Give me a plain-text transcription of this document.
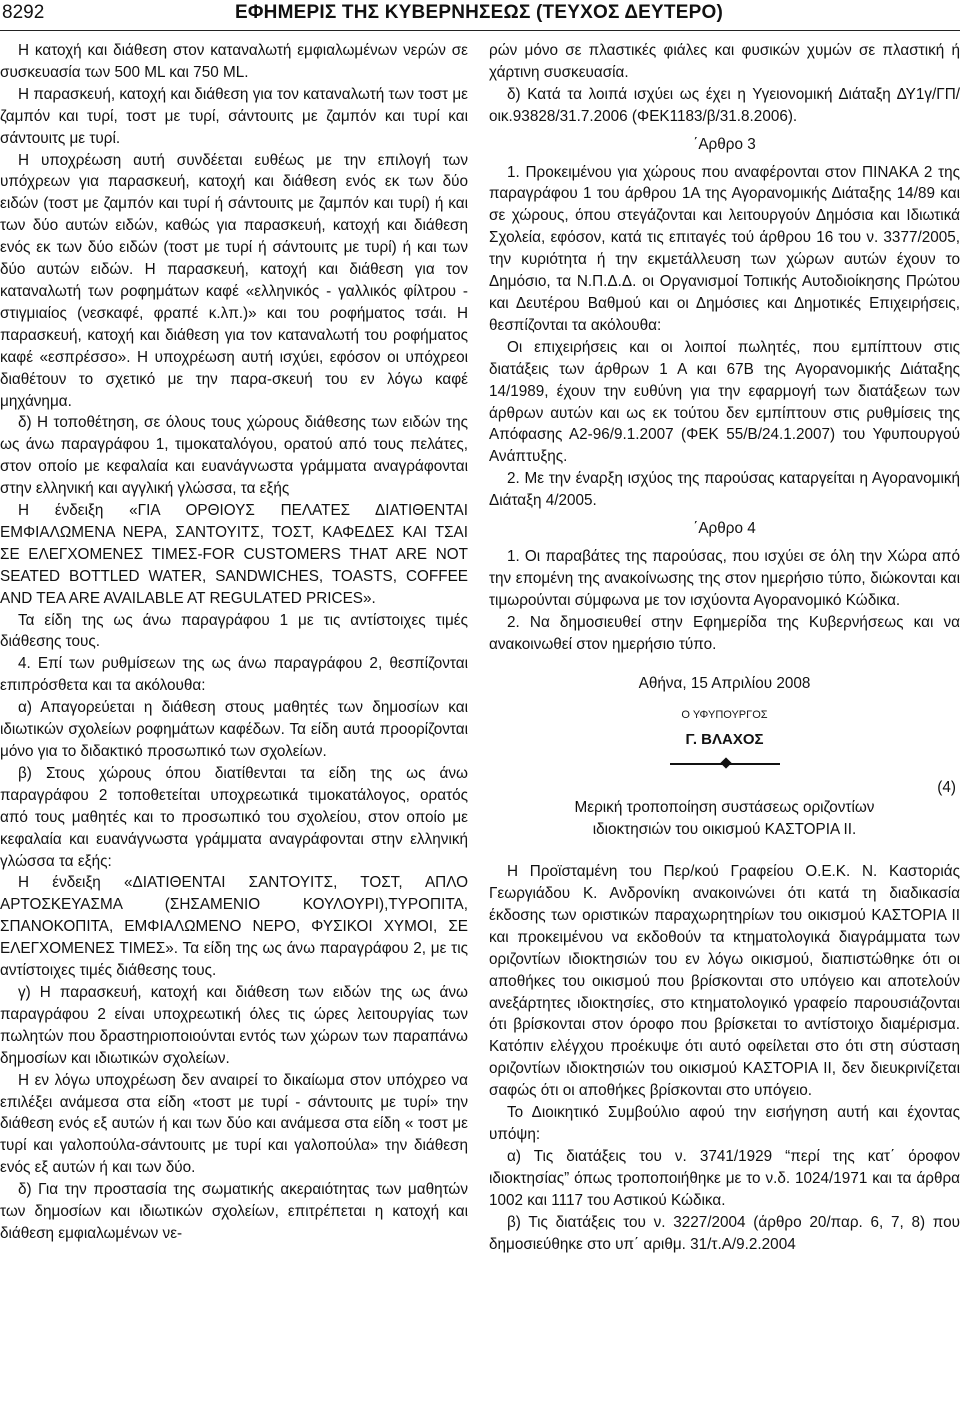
8292	ΕΦΗΜΕΡΙΣ ΤΗΣ ΚΥΒΕΡΝΗΣΕΩΣ (ΤΕΥΧΟΣ ΔΕΥΤΕΡΟ)

Η κατοχή και διάθεση στον καταναλωτή εμφιαλωμένων νερών σε συσκευασία των 500 ML και 750 ML.

Η παρασκευή, κατοχή και διάθεση για τον καταναλωτή των τοστ με ζαμπόν και τυρί, τοστ με τυρί, σάντουιτς με ζαμπόν και τυρί και σάντουιτς με τυρί.

Η υποχρέωση αυτή συνδέεται ευθέως με την επιλογή των υπόχρεων για παρασκευή, κατοχή και διάθεση ενός εκ των δύο ειδών (τοστ με ζαμπόν και τυρί ή σάντουιτς με ζαμπόν και τυρί) ή και των δύο αυτών ειδών, καθώς για παρασκευή, κατοχή και διάθεση ενός εκ των δύο ειδών (τοστ με τυρί ή σάντουιτς με τυρί) ή και των δύο αυτών ειδών. Η παρασκευή, κατοχή και διάθεση για τον καταναλωτή των ροφημάτων καφέ «ελληνικός - γαλλικός φίλτρου - στιγμιαίος (νεσκαφέ, φραπέ κ.λπ.)» και του ροφήματος τσάι. Η παρασκευή, κατοχή και διάθεση για τον καταναλωτή του ροφήματος καφέ «εσπρέσσο». Η υποχρέωση αυτή ισχύει, εφόσον οι υπόχρεοι διαθέτουν το σχετικό με την παρα-σκευή του εν λόγω καφέ μηχάνημα.

δ) Η τοποθέτηση, σε όλους τους χώρους διάθεσης των ειδών της ως άνω παραγράφου 1, τιμοκαταλόγου, ορατού από τους πελάτες, στον οποίο με κεφαλαία και ευανάγνωστα γράμματα αναγράφονται στην ελληνική και αγγλική γλώσσα, τα εξής

Η ένδειξη «ΓΙΑ ΟΡΘΙΟΥΣ ΠΕΛΑΤΕΣ ΔΙΑΤΙΘΕΝΤΑΙ ΕΜΦΙΑΛΩΜΕΝΑ ΝΕΡΑ, ΣΑΝΤΟΥΙΤΣ, ΤΟΣΤ, ΚΑΦΕΔΕΣ ΚΑΙ ΤΣΑΙ ΣΕ ΕΛΕΓΧΟΜΕΝΕΣ ΤΙΜΕΣ-FOR CUSTOMERS THAT ARE NOT SEATED BOTTLED WATER, SANDWICHES, TOASTS, COFFEE AND TEA ARE AVAILABLE AT REGULATED PRICES».

Τα είδη της ως άνω παραγράφου 1 με τις αντίστοιχες τιμές διάθεσης τους.

4. Επί των ρυθμίσεων της ως άνω παραγράφου 2, θεσπίζονται επιπρόσθετα και τα ακόλουθα:

α) Απαγορεύεται η διάθεση στους μαθητές των δημοσίων και ιδιωτικών σχολείων ροφημάτων καφέδων. Τα είδη αυτά προορίζονται μόνο για το διδακτικό προσωπικό των σχολείων.

β) Στους χώρους όπου διατίθενται τα είδη της ως άνω παραγράφου 2 τοποθετείται υποχρεωτικά τιμοκατάλογος, ορατός από τους μαθητές και το προσωπικό του σχολείου, στον οποίο με κεφαλαία και ευανάγνωστα γράμματα αναγράφονται στην ελληνική γλώσσα τα εξής:

Η ένδειξη «ΔΙΑΤΙΘΕΝΤΑΙ ΣΑΝΤΟΥΙΤΣ, ΤΟΣΤ, ΑΠΛΟ ΑΡΤΟΣΚΕΥΑΣΜΑ (ΣΗΣΑΜΕΝΙΟ ΚΟΥΛΟΥΡΙ),ΤΥΡΟΠΙΤΑ, ΣΠΑΝΟΚΟΠΙΤΑ, ΕΜΦΙΑΛΩΜΕΝΟ ΝΕΡΟ, ΦΥΣΙΚΟΙ ΧΥΜΟΙ, ΣΕ ΕΛΕΓΧΟΜΕΝΕΣ ΤΙΜΕΣ». Τα είδη της ως άνω παραγράφου 2, με τις αντίστοιχες τιμές διάθεσης τους.

γ) Η παρασκευή, κατοχή και διάθεση των ειδών της ως άνω παραγράφου 2 είναι υποχρεωτική όλες τις ώρες λειτουργίας των πωλητών που δραστηριοποιούνται εντός των χώρων των παραπάνω δημοσίων και ιδιωτικών σχολείων.

Η εν λόγω υποχρέωση δεν αναιρεί το δικαίωμα στον υπόχρεο να επιλέξει ανάμεσα στα είδη «τοστ με τυρί - σάντουιτς με τυρί» την διάθεση ενός εξ αυτών ή και των δύο και ανάμεσα στα είδη « τοστ με τυρί και γαλοπούλα-σάντουιτς με τυρί και γαλοπούλα» την διάθεση ενός εξ αυτών ή και των δύο.

δ) Για την προστασία της σωματικής ακεραιότητας των μαθητών των δημοσίων και ιδιωτικών σχολείων, επιτρέπεται η κατοχή και διάθεση εμφιαλωμένων νε-

ρών μόνο σε πλαστικές φιάλες και φυσικών χυμών σε πλαστική ή χάρτινη συσκευασία.

δ) Κατά τα λοιπά ισχύει ως έχει η Υγειονομική Διάταξη ΔΥ1γ/ΓΠ/οικ.93828/31.7.2006 (ΦΕΚ1183/β/31.8.2006).

΄Αρθρο 3

1. Προκειμένου για χώρους που αναφέρονται στον ΠΙΝΑΚΑ 2 της παραγράφου 1 του άρθρου 1Α της Αγορανομικής Διάταξης 14/89 και σε χώρους, όπου στεγάζονται και λειτουργούν Δημόσια και Ιδιωτικά Σχολεία, εφόσον, κατά τις επιταγές τού άρθρου 16 του ν. 3377/2005, την κυριότητα ή την εκμετάλλευση των χώρων αυτών έχουν το Δημόσιο, τα Ν.Π.Δ.Δ. οι Οργανισμοί Τοπικής Αυτοδιοίκησης Πρώτου και Δευτέρου Βαθμού και οι Δημόσιες και Δημοτικές Επιχειρήσεις, θεσπίζονται τα ακόλουθα:

Οι επιχειρήσεις και οι λοιποί πωλητές, που εμπίπτουν στις διατάξεις των άρθρων 1 Α και 67Β της Αγορανομικής Διάταξης 14/1989, έχουν την ευθύνη για την εφαρμογή των διατάξεων των άρθρων αυτών και ως εκ τούτου δεν εμπίπτουν στις ρυθμίσεις της Απόφασης Α2-96/9.1.2007 (ΦΕΚ 55/Β/24.1.2007) του Υφυπουργού Ανάπτυξης.

2. Με την έναρξη ισχύος της παρούσας καταργείται η Αγορανομική Διάταξη 4/2005.

΄Αρθρο 4

1. Οι παραβάτες της παρούσας, που ισχύει σε όλη την Χώρα από την επομένη της ανακοίνωσης της στον ημερήσιο τύπο, διώκονται και τιμωρούνται σύμφωνα με τον ισχύοντα Αγορανομικό Κώδικα.

2. Να δημοσιευθεί στην Εφημερίδα της Κυβερνήσεως και να ανακοινωθεί στον ημερήσιο τύπο.

Αθήνα, 15 Απριλίου 2008

Ο ΥΦΥΠΟΥΡΓΟΣ

Γ. ΒΛΑΧΟΣ

(4)

Μερική τροποποίηση συστάσεως οριζοντίων

ιδιοκτησιών του οικισμού ΚΑΣΤΟΡΙΑ ΙΙ.

Η Προϊσταμένη του Περ/κού Γραφείου Ο.Ε.Κ. Ν. Καστοριάς Γεωργιάδου Κ. Ανδρονίκη ανακοινώνει ότι κατά τη διαδικασία έκδοσης των οριστικών παραχωρητηρίων του οικισμού ΚΑΣΤΟΡΙΑ ΙΙ και προκειμένου να εκδοθούν τα κτηματολογικά διαγράμματα των οριζοντίων ιδιοκτησιών του εν λόγω οικισμού, διαπιστώθηκε ότι οι αποθήκες του οικισμού που βρίσκονται στο υπόγειο και αποτελούν ανεξάρτητες ιδιοκτησίες, στο κτηματολογικό γραφείο παρουσιάζονται ότι βρίσκονται στον όροφο που βρίσκεται το αντίστοιχο διαμέρισμα. Κατόπιν ελέγχου προέκυψε ότι αυτό οφείλεται στο ότι στη σύσταση οριζοντίων ιδιοκτησιών του οικισμού ΚΑΣΤΟΡΙΑ ΙΙ, δεν διευκρινίζεται σαφώς ότι οι αποθήκες βρίσκονται στο υπόγειο.

Το Διοικητικό Συμβούλιο αφού την εισήγηση αυτή και έχοντας υπόψη:

α) Τις διατάξεις του ν. 3741/1929 “περί της κατ΄ όροφον ιδιοκτησίας” όπως τροποποιήθηκε με το ν.δ. 1024/1971 και τα άρθρα 1002 και 1117 του Αστικού Κώδικα.

β) Τις διατάξεις του ν. 3227/2004 (άρθρο 20/παρ. 6, 7, 8) που δημοσιεύθηκε στο υπ΄ αριθμ. 31/τ.Α/9.2.2004
